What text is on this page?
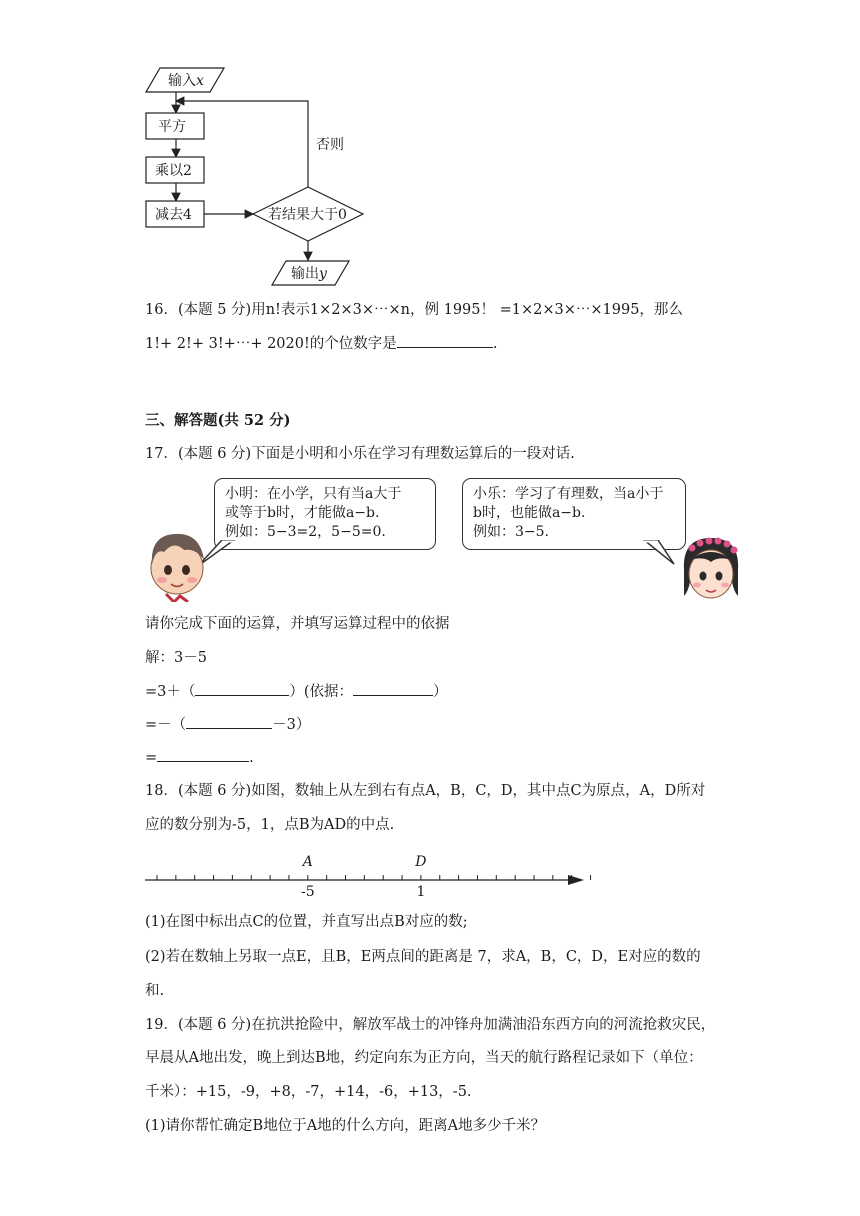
输入x
平方
乘以2
减去4	若结果大于0
否则
输出y
16．(本题 5 分)用n!表示1×2×3×⋯×n，例 1995！ =1×2×3×⋯×1995，那么
1!+ 2!+ 3!+⋯+ 2020!的个位数字是	.
三、解答题(共 52 分)
17．(本题 6 分)下面是小明和小乐在学习有理数运算后的一段对话.
小明：在小学，只有当a大于
或等于b时，才能做a−b.
例如：5−3=2，5−5=0.
小乐：学习了有理数，当a小于
b时，也能做a−b.
例如：3−5.
请你完成下面的运算，并填写运算过程中的依据
解：3－5
=3＋（	）(依据：	）
=－（	－3）
=	.
18．(本题 6 分)如图，数轴上从左到右有点A，B，C，D，其中点C为原点，A，D所对
应的数分别为-5，1，点B为AD的中点.
A	D
-5	1
(1)在图中标出点C的位置，并直写出点B对应的数;
(2)若在数轴上另取一点E，且B，E两点间的距离是 7，求A，B，C，D，E对应的数的
和.
19．(本题 6 分)在抗洪抢险中，解放军战士的冲锋舟加满油沿东西方向的河流抢救灾民，
早晨从A地出发，晚上到达B地，约定向东为正方向，当天的航行路程记录如下（单位：
千米）：+15，-9，+8，-7，+14，-6，+13，-5.
(1)请你帮忙确定B地位于A地的什么方向，距离A地多少千米？
